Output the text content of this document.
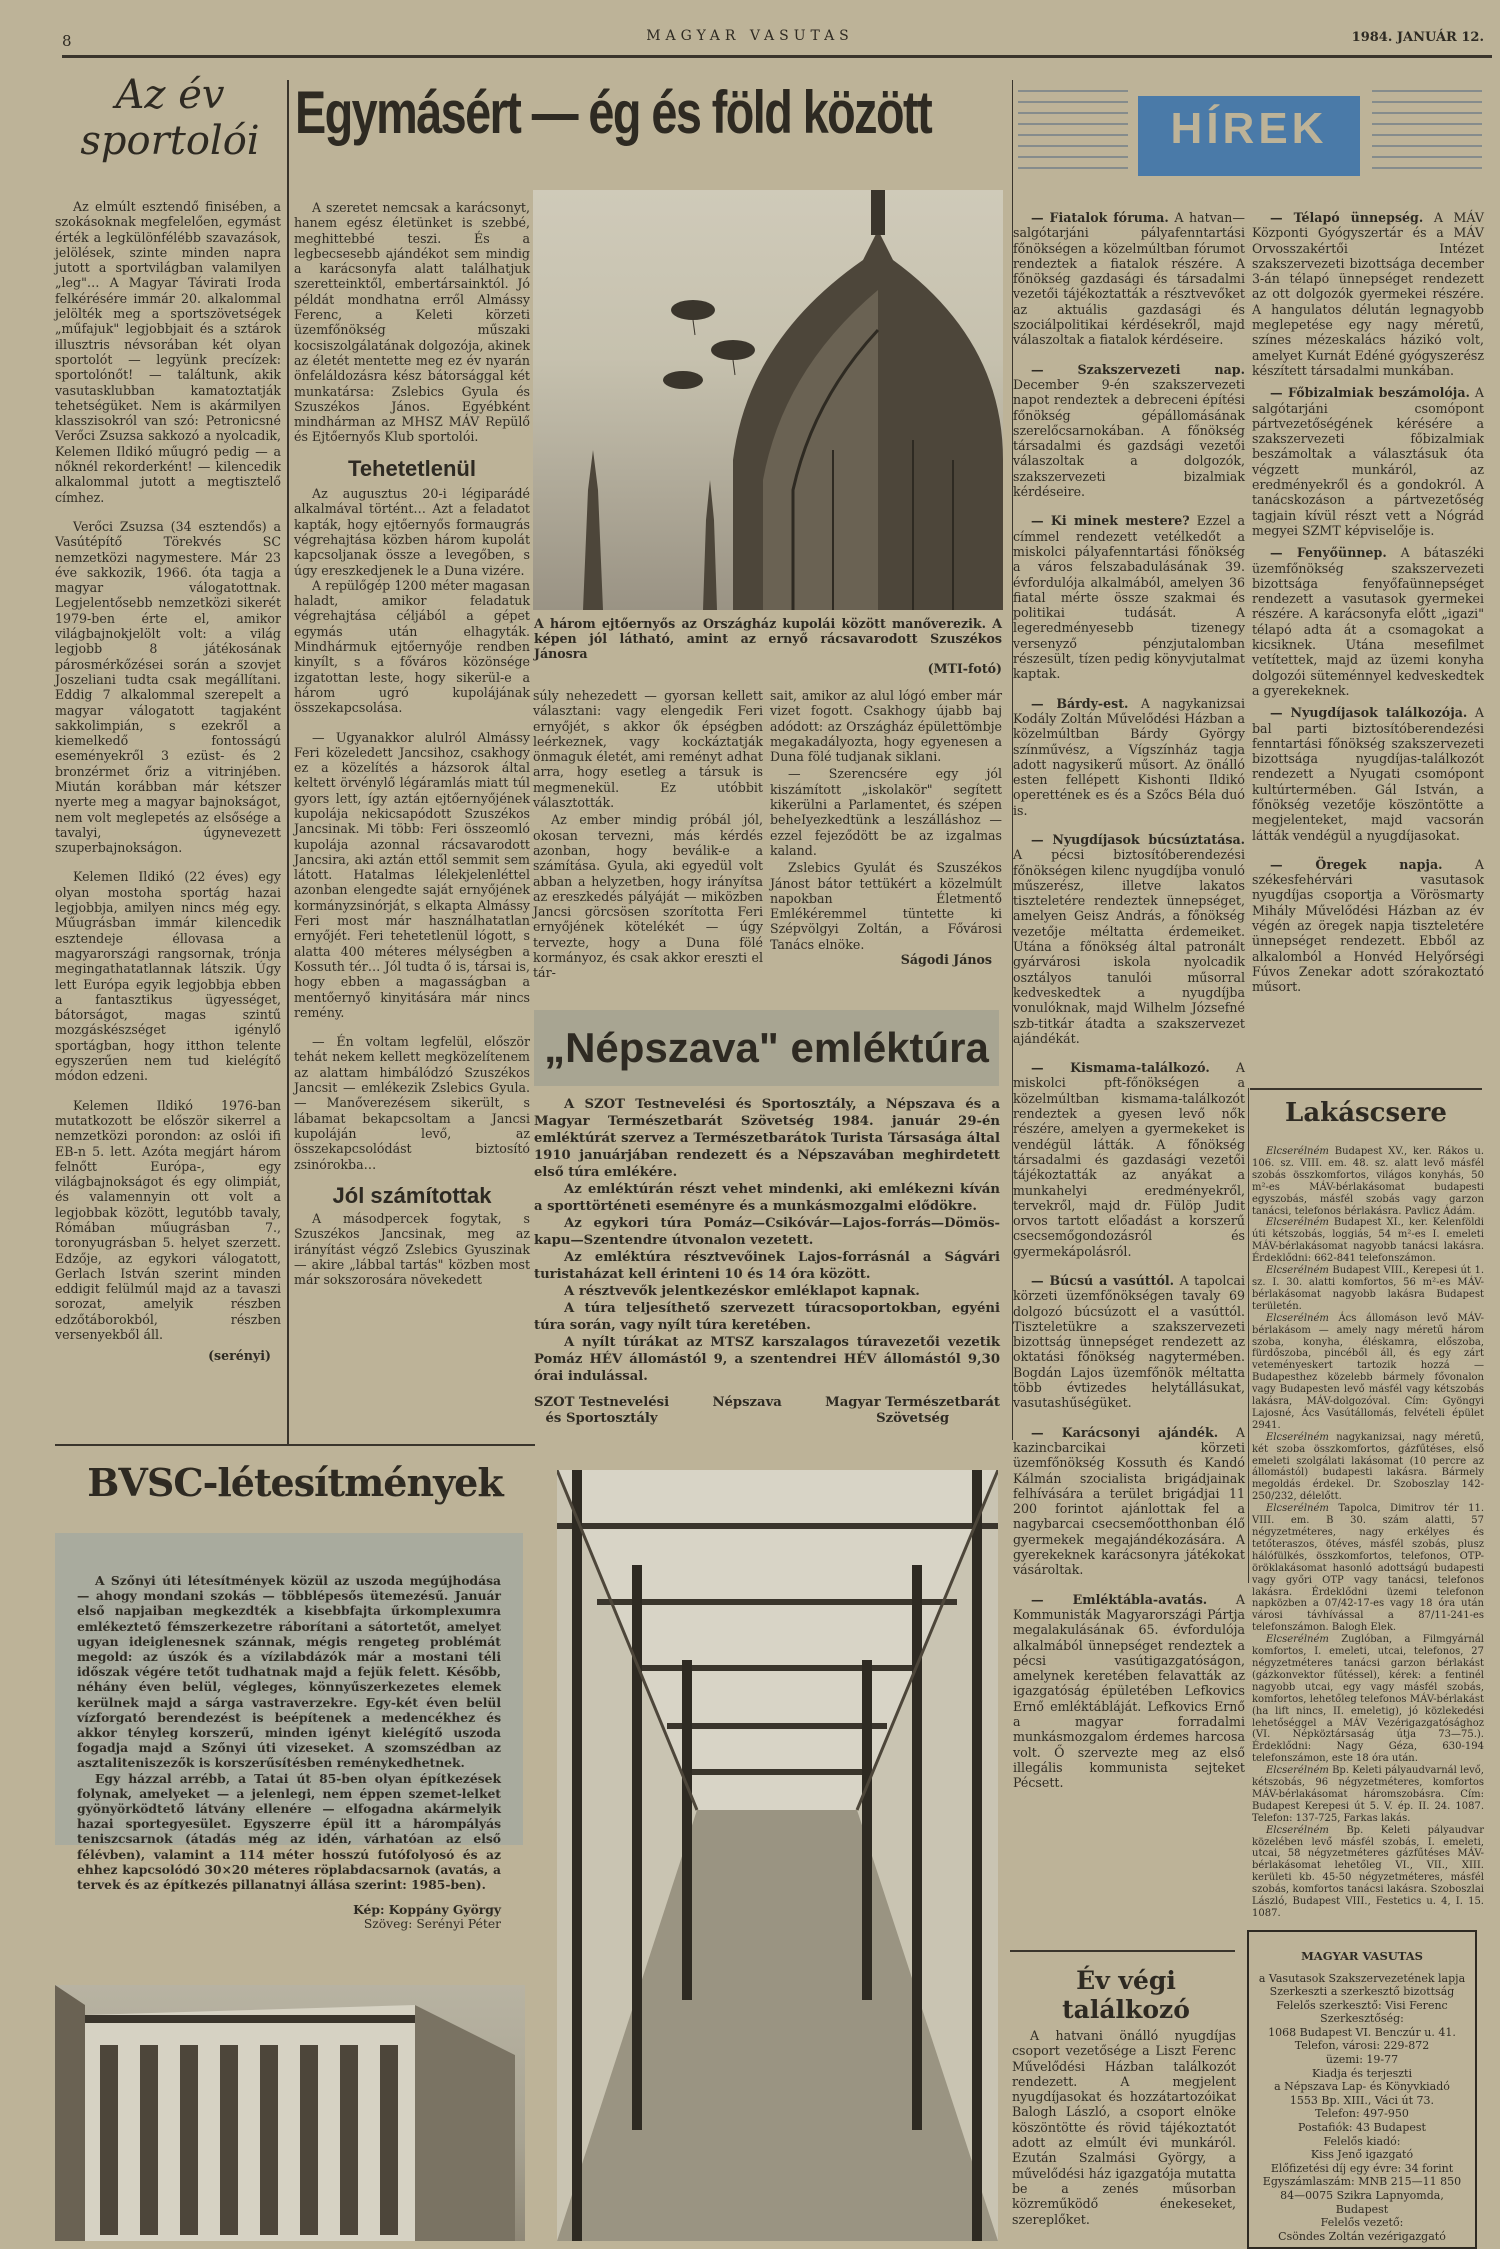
8	MAGYAR VASUTAS	1984. JANUÁR 12.
Az év
sportolói

Az elmúlt esztendő finisében, a szokásoknak megfelelően, egymást érték a legkülönfélébb szavazások, jelölések, szinte minden napra jutott a sportvilágban valamilyen „leg"… A Magyar Távirati Iroda felkérésére immár 20. alkalommal jelölték meg a sportszövetségek „műfajuk" legjobbjait és a sztárok illusztris névsorában két olyan sportolót — legyünk precízek: sportolónőt! — találtunk, akik vasutasklubban kamatoztatják tehetségüket. Nem is akármilyen klasszisokról van szó: Petronicsné Verőci Zsuzsa sakkozó a nyolcadik, Kelemen Ildikó műugró pedig — a nőknél rekorderként! — kilencedik alkalommal jutott a megtisztelő címhez.

Verőci Zsuzsa (34 esztendős) a Vasútépítő Törekvés SC nemzetközi nagymestere. Már 23 éve sakkozik, 1966. óta tagja a magyar válogatottnak. Legjelentősebb nemzetközi sikerét 1979-ben érte el, amikor világbajnokjelölt volt: a világ legjobb 8 játékosának párosmérkőzései során a szovjet Joszeliani tudta csak megállítani. Eddig 7 alkalommal szerepelt a magyar válogatott tagjaként sakkolimpián, s ezekről a kiemelkedő fontosságú eseményekről 3 ezüst- és 2 bronzérmet őriz a vitrinjében. Miután korábban már kétszer nyerte meg a magyar bajnokságot, nem volt meglepetés az elsősége a tavalyi, úgynevezett szuperbajnokságon.

Kelemen Ildikó (22 éves) egy olyan mostoha sportág hazai legjobbja, amilyen nincs még egy. Műugrásban immár kilencedik esztendeje éllovasa a magyarországi rangsornak, trónja megingathatatlannak látszik. Úgy lett Európa egyik legjobbja ebben a fantasztikus ügyességet, bátorságot, magas szintű mozgáskészséget igénylő sportágban, hogy itthon telente egyszerűen nem tud kielégítő módon edzeni.

Kelemen Ildikó 1976-ban mutatkozott be először sikerrel a nemzetközi porondon: az oslói ifi EB-n 5. lett. Azóta megjárt három felnőtt Európa-, egy világbajnokságot és egy olimpiát, és valamennyin ott volt a legjobbak között, legutóbb tavaly, Rómában műugrásban 7., toronyugrásban 5. helyet szerzett. Edzője, az egykori válogatott, Gerlach István szerint minden eddigit felülmúl majd az a tavaszi sorozat, amelyik részben edzőtáborokból, részben versenyekből áll.

(serényi)
Egymásért — ég és föld között

A szeretet nemcsak a karácsonyt, hanem egész életünket is szebbé, meghittebbé teszi. És a legbecsesebb ajándékot sem mindig a karácsonyfa alatt találhatjuk szeretteinktől, embertársainktól. Jó példát mondhatna erről Almássy Ferenc, a Keleti körzeti üzemfőnökség műszaki kocsiszolgálatának dolgozója, akinek az életét mentette meg ez év nyarán önfeláldozásra kész bátorsággal két munkatársa: Zslebics Gyula és Szuszékos János. Egyébként mindhárman az MHSZ MÁV Repülő és Ejtőernyős Klub sportolói.

Tehetetlenül

Az augusztus 20-i légiparádé alkalmával történt… Azt a feladatot kapták, hogy ejtőernyős formaugrás végrehajtása közben három kupolát kapcsoljanak össze a levegőben, s úgy ereszkedjenek le a Duna vizére.

A repülőgép 1200 méter magasan haladt, amikor feladatuk végrehajtása céljából a gépet egymás után elhagyták. Mindhármuk ejtőernyője rendben kinyílt, s a főváros közönsége izgatottan leste, hogy sikerül-e a három ugró kupolájának összekapcsolása.

— Ugyanakkor alulról Almássy Feri közeledett Jancsihoz, csakhogy ez a közelítés a házsorok által keltett örvénylő légáramlás miatt túl gyors lett, így aztán ejtőernyőjének kupolája nekicsapódott Szuszékos Jancsinak. Mi több: Feri összeomló kupolája azonnal rácsavarodott Jancsira, aki aztán ettől semmit sem látott. Hatalmas lélekjelenléttel azonban elengedte saját ernyőjének kormányzsinórját, s elkapta Almássy Feri most már használhatatlan ernyőjét. Feri tehetetlenül lógott, s alatta 400 méteres mélységben a Kossuth tér… Jól tudta ő is, társai is, hogy ebben a magasságban a mentőernyő kinyitására már nincs remény.

— Én voltam legfelül, először tehát nekem kellett megközelítenem az alattam himbálódzó Szuszékos Jancsit — emlékezik Zslebics Gyula. — Manőverezésem sikerült, s lábamat bekapcsoltam a Jancsi kupoláján levő, az összekapcsolódást biztosító zsinórokba…

Jól számítottak

A másodpercek fogytak, s Szuszékos Jancsinak, meg az irányítást végző Zslebics Gyuszinak — akire „lábbal tartás" közben most már sokszorosára növekedett

A három ejtőernyős az Országház kupolái között manőverezik. A képen jól látható, amint az ernyő rácsavarodott Szuszékos Jánosra
(MTI-fotó)

súly nehezedett — gyorsan kellett választani: vagy elengedik Feri ernyőjét, s akkor ők épségben leérkeznek, vagy kockáztatják önmaguk életét, ami reményt adhat arra, hogy esetleg a társuk is megmenekül. Ez utóbbit választották.

Az ember mindig próbál jól, okosan tervezni, más kérdés azonban, hogy beválik-e a számítása. Gyula, aki egyedül volt abban a helyzetben, hogy irányítsa az ereszkedés pályáját — miközben Jancsi görcsösen szorította Feri ernyőjének kötelékét — úgy tervezte, hogy a Duna fölé kormányoz, és csak akkor ereszti el tár-

sait, amikor az alul lógó ember már vizet fogott. Csakhogy újabb baj adódott: az Országház épülettömbje megakadályozta, hogy egyenesen a Duna fölé tudjanak siklani.

— Szerencsére egy jól kiszámított „iskolakör" segített kikerülni a Parlamentet, és szépen beheIyezkedtünk a leszálláshoz — ezzel fejeződött be az izgalmas kaland.

Zslebics Gyulát és Szuszékos Jánost bátor tettükért a közelmúlt napokban Életmentő Emlékéremmel tüntette ki Szépvölgyi Zoltán, a Fővárosi Tanács elnöke.

Ságodi János
„Népszava" emléktúra

A SZOT Testnevelési és Sportosztály, a Népszava és a Magyar Természetbarát Szövetség 1984. január 29-én emléktúrát szervez a Természetbarátok Turista Társasága által 1910 januárjában rendezett és a Népszavában meghirdetett első túra emlékére.

Az emléktúrán részt vehet mindenki, aki emlékezni kíván a sporttörténeti eseményre és a munkásmozgalmi elődökre.

Az egykori túra Pomáz—Csikóvár—Lajos-forrás—Dömös-kapu—Szentendre útvonalon vezetett.

Az emléktúra résztvevőinek Lajos-forrásnál a Ságvári turistaházat kell érinteni 10 és 14 óra között.

A résztvevők jelentkezéskor emléklapot kapnak.

A túra teljesíthető szervezett túracsoportokban, egyéni túra során, vagy nyílt túra keretében.

A nyílt túrákat az MTSZ karszalagos túravezetői vezetik Pomáz HÉV állomástól 9, a szentendrei HÉV állomástól 9,30 órai indulással.

SZOT Testnevelési
és Sportosztály
Népszava	Magyar Természetbarát
Szövetség
HÍREK

— Fiatalok fóruma. A hatvan—salgótarjáni pályafenntartási főnökségen a közelmúltban fórumot rendeztek a fiatalok részére. A főnökség gazdasági és társadalmi vezetői tájékoztatták a résztvevőket az aktuális gazdasági és szociálpolitikai kérdésekről, majd válaszoltak a fiatalok kérdéseire.

— Szakszervezeti nap. December 9-én szakszervezeti napot rendeztek a debreceni építési főnökség gépállomásának szerelőcsarnokában. A főnökség társadalmi és gazdsági vezetői válaszoltak a dolgozók, szakszervezeti bizalmiak kérdéseire.

— Ki minek mestere? Ezzel a címmel rendezett vetélkedőt a miskolci pályafenntartási főnökség a város felszabadulásának 39. évfordulója alkalmából, amelyen 36 fiatal mérte össze szakmai és politikai tudását. A legeredményesebb tizenegy versenyző pénzjutalomban részesült, tízen pedig könyvjutalmat kaptak.

— Bárdy-est. A nagykanizsai Kodály Zoltán Művelődési Házban a közelmúltban Bárdy György színművész, a Vígszínház tagja adott nagysikerű műsort. Az önálló esten fellépett Kishonti Ildikó operettének es és a Szőcs Béla duó is.

— Nyugdíjasok búcsúztatása. A pécsi biztosítóberendezési főnökségen kilenc nyugdíjba vonuló műszerész, illetve lakatos tiszteletére rendeztek ünnepséget, amelyen Geisz András, a főnökség vezetője méltatta érdemeiket. Utána a főnökség által patronált gyárvárosi iskola nyolcadik osztályos tanulói műsorral kedveskedtek a nyugdíjba vonulóknak, majd Wilhelm Józsefné szb-titkár átadta a szakszervezet ajándékát.

— Kismama-találkozó. A miskolci pft-főnökségen a közelmúltban kismama-találkozót rendeztek a gyesen levő nők részére, amelyen a gyermekeket is vendégül látták. A főnökség társadalmi és gazdasági vezetői tájékoztatták az anyákat a munkahelyi eredményekről, tervekről, majd dr. Fülöp Judit orvos tartott előadást a korszerű csecsemőgondozásról és gyermekápolásról.

— Búcsú a vasúttól. A tapolcai körzeti üzemfőnökségen tavaly 69 dolgozó búcsúzott el a vasúttól. Tiszteletükre a szakszervezeti bizottság ünnepséget rendezett az oktatási főnökség nagytermében. Bogdán Lajos üzemfőnök méltatta több évtizedes helytállásukat, vasutashűségüket.

— Karácsonyi ajándék. A kazincbarcikai körzeti üzemfőnökség Kossuth és Kandó Kálmán szocialista brigádjainak felhívására a terület brigádjai 11 200 forintot ajánlottak fel a nagybarcai csecsemőotthonban élő gyermekek megajándékozására. A gyerekeknek karácsonyra játékokat vásároltak.

— Emléktábla-avatás. A Kommunisták Magyarországi Pártja megalakulásának 65. évfordulója alkalmából ünnepséget rendeztek a pécsi vasútigazgatóságon, amelynek keretében felavatták az igazgatóság épületében Lefkovics Ernő emléktábláját. Lefkovics Ernő a magyar forradalmi munkásmozgalom érdemes harcosa volt. Ő szervezte meg az első illegális kommunista sejteket Pécsett.

— Télapó ünnepség. A MÁV Központi Gyógyszertár és a MÁV Orvosszakértői Intézet szakszervezeti bizottsága december 3-án télapó ünnepséget rendezett az ott dolgozók gyermekei részére. A hangulatos délután legnagyobb meglepetése egy nagy méretű, színes mézeskalács házikó volt, amelyet Kurnát Edéné gyógyszerész készített társadalmi munkában.

— Főbizalmiak beszámolója. A salgótarjáni csomópont pártvezetőségének kérésére a szakszervezeti főbizalmiak beszámoltak a választásuk óta végzett munkáról, az eredményekről és a gondokról. A tanácskozáson a pártvezetőség tagjain kívül részt vett a Nógrád megyei SZMT képviselője is.

— Fenyőünnep. A bátaszéki üzemfőnökség szakszervezeti bizottsága fenyőfaünnepséget rendezett a vasutasok gyermekei részére. A karácsonyfa előtt „igazi" télapó adta át a csomagokat a kicsiknek. Utána mesefilmet vetítettek, majd az üzemi konyha dolgozói süteménnyel kedveskedtek a gyerekeknek.

— Nyugdíjasok találkozója. A bal parti biztosítóberendezési fenntartási főnökség szakszervezeti bizottsága nyugdíjas-találkozót rendezett a Nyugati csomópont kultúrtermében. Gál István, a főnökség vezetője köszöntötte a megjelenteket, majd vacsorán látták vendégül a nyugdíjasokat.

— Öregek napja. A székesfehérvári vasutasok nyugdíjas csoportja a Vörösmarty Mihály Művelődési Házban az év végén az öregek napja tiszteletére ünnepséget rendezett. Ebből az alkalomból a Honvéd Helyőrségi Fúvos Zenekar adott szórakoztató műsort.

Lakáscsere

Elcserélném Budapest XV., ker. Rákos u. 106. sz. VIII. em. 48. sz. alatt levő másfél szobás összkomfortos, világos konyhás, 50 m²-es MÁV-bérlakásomat budapesti egyszobás, másfél szobás vagy garzon tanácsi, telefonos bérlakásra. Pavlicz Ádám.

Elcserélném Budapest XI., ker. Kelenföldi úti kétszobás, loggiás, 54 m²-es I. emeleti MÁV-bérlakásomat nagyobb tanácsi lakásra. Érdeklődni: 662-841 telefonszámon.

Elcserélném Budapest VIII., Kerepesi út 1. sz. I. 30. alatti komfortos, 56 m²-es MÁV-bérlakásomat nagyobb lakásra Budapest területén.

Elcserélném Ács állomáson levő MÁV-bérlakásom — amely nagy méretű három szoba, konyha, éléskamra, előszoba, fürdőszoba, pincéből áll, és egy zárt veteményeskert tartozik hozzá — Budapesthez közelebb bármely fővonalon vagy Budapesten levő másfél vagy kétszobás lakásra, MÁV-dolgozóval. Cím: Gyöngyi Lajosné, Ács Vasútállomás, felvételi épület 2941.

Elcserélném nagykanizsai, nagy méretű, két szoba összkomfortos, gázfűtéses, első emeleti szolgálati lakásomat (10 percre az állomástól) budapesti lakásra. Bármely megoldás érdekel. Dr. Szoboszlay 142-250/232, délelőtt.

Elcserélném Tapolca, Dimitrov tér 11. VIII. em. B 30. szám alatti, 57 négyzetméteres, nagy erkélyes és tetőteraszos, ötéves, másfél szobás, plusz hálófülkés, összkomfortos, telefonos, OTP-öröklakásomat hasonló adottságú budapesti vagy győri OTP vagy tanácsi, telefonos lakásra. Érdeklődni üzemi telefonon napközben a 07/42-17-es vagy 18 óra után városi távhívással a 87/11-241-es telefonszámon. Balogh Elek.

Elcserélném Zuglóban, a Filmgyárnál komfortos, I. emeleti, utcai, telefonos, 27 négyzetméteres tanácsi garzon bérlakást (gázkonvektor fűtéssel), kérek: a fentinél nagyobb utcai, egy vagy másfél szobás, komfortos, lehetőleg telefonos MÁV-bérlakást (ha lift nincs, II. emeletig), jó közlekedési lehetőséggel a MÁV Vezérigazgatósághoz (VI. Népköztársaság útja 73—75.). Érdeklődni: Nagy Géza, 630-194 telefonszámon, este 18 óra után.

Elcserélném Bp. Keleti pályaudvarnál levő, kétszobás, 96 négyzetméteres, komfortos MÁV-bérlakásomat háromszobásra. Cím: Budapest Kerepesi út 5. V. ép. II. 24. 1087. Telefon: 137-725, Farkas lakás.

Elcserélném Bp. Keleti pályaudvar közelében levő másfél szobás, I. emeleti, utcai, 58 négyzetméteres gázfűtéses MÁV-bérlakásomat lehetőleg VI., VII., XIII. kerületi kb. 45-50 négyzetméteres, másfél szobás, komfortos tanácsi lakásra. Szoboszlai László, Budapest VIII., Festetics u. 4, I. 15. 1087.

MAGYAR VASUTAS
a Vasutasok Szakszervezetének lapja
Szerkeszti a szerkesztő bizottság
Felelős szerkesztő: Visi Ferenc
Szerkesztőség:
1068 Budapest VI. Benczúr u. 41.
Telefon, városi: 229-872
üzemi: 19-77
Kiadja és terjeszti
a Népszava Lap- és Könyvkiadó
1553 Bp. XIII., Váci út 73.
Telefon: 497-950
Postafiók: 43 Budapest
Felelős kiadó:
Kiss Jenő igazgató
Előfizetési díj egy évre: 34 forint
Egyszámlaszám: MNB 215—11 850
84—0075 Szikra Lapnyomda,
Budapest
Felelős vezető:
Csöndes Zoltán vezérigazgató
Év végi találkozó

A hatvani önálló nyugdíjas csoport vezetősége a Liszt Ferenc Művelődési Házban találkozót rendezett. A megjelent nyugdíjasokat és hozzátartozóikat Balogh László, a csoport elnöke köszöntötte és rövid tájékoztatót adott az elmúlt évi munkáról. Ezután Szalmási György, a művelődési ház igazgatója mutatta be a zenés műsorban közreműködő énekeseket, szereplőket.

BVSC-létesítmények

A Szőnyi úti létesítmények közül az uszoda megújhodása — ahogy mondani szokás — többlépesős ütemezésű. Január első napjaiban megkezdték a kisebbfajta űrkomplexumra emlékeztető fémszerkezetre ráborítani a sátortetőt, amelyet ugyan ideiglenesnek szánnak, mégis rengeteg problémát megold: az úszók és a vízilabdázók már a mostani téli időszak végére tetőt tudhatnak majd a fejük felett. Később, néhány éven belül, végleges, könnyűszerkezetes elemek kerülnek majd a sárga vastraverzekre. Egy-két éven belül vízforgató berendezést is beépítenek a medencékhez és akkor tényleg korszerű, minden igényt kielégítő uszoda fogadja majd a Szőnyi úti vizeseket. A szomszédban az asztaliteniszezők is korszerűsítésben reménykedhetnek.

Egy házzal arrébb, a Tatai út 85-ben olyan építkezések folynak, amelyeket — a jelenlegi, nem éppen szemet-lelket gyönyörködtető látvány ellenére — elfogadna akármelyik hazai sportegyesület. Egyszerre épül itt a hárompályás teniszcsarnok (átadás még az idén, várhatóan az első félévben), valamint a 114 méter hosszú futófolyosó és az ehhez kapcsolódó 30×20 méteres röplabdacsarnok (avatás, a tervek és az építkezés pillanatnyi állása szerint: 1985-ben).

Kép: Koppány György
Szöveg: Serényi Péter
